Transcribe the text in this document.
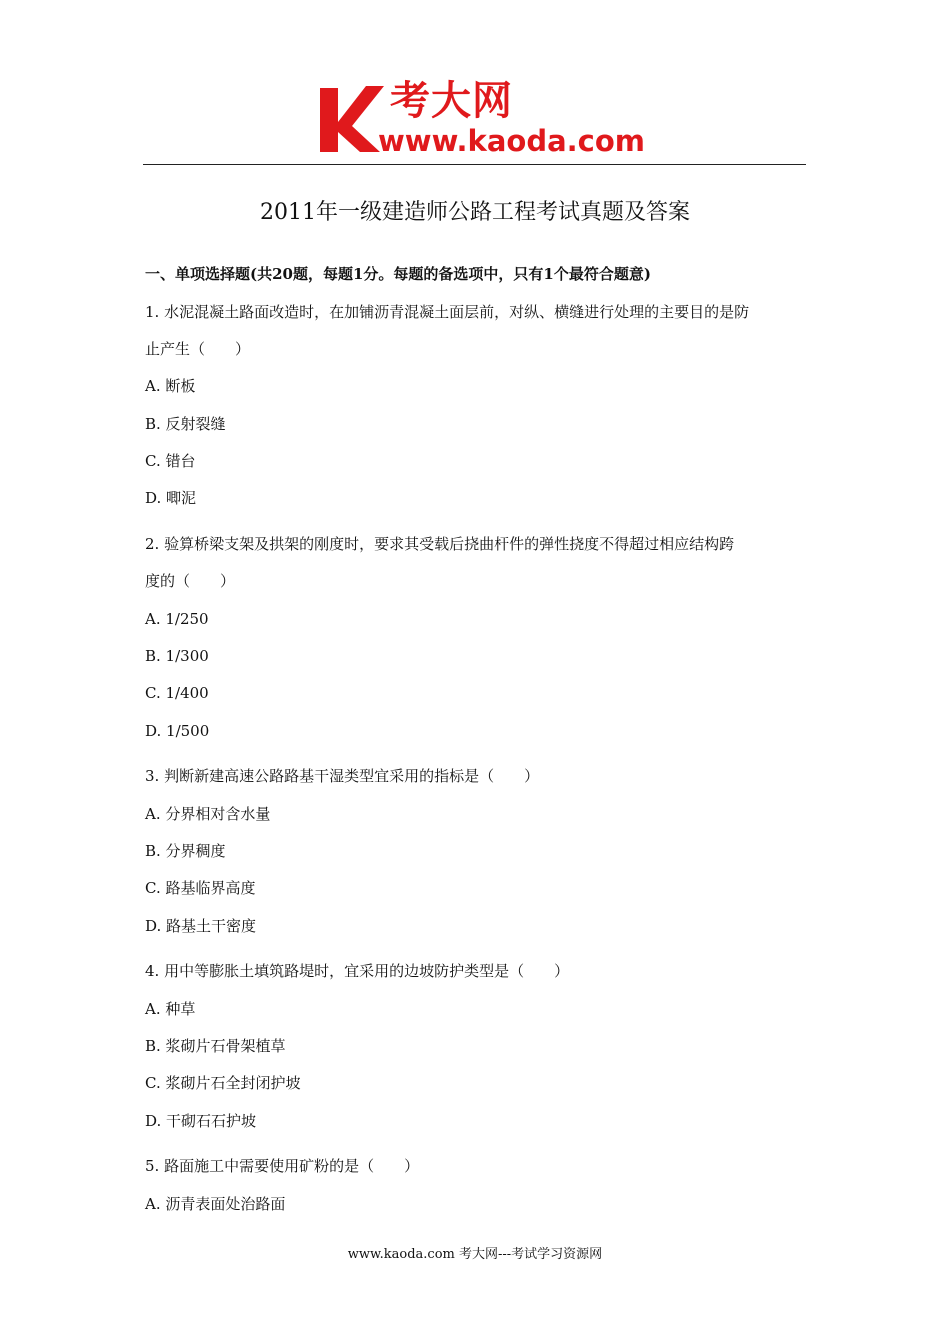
考大网
www.kaoda.com
2011年一级建造师公路工程考试真题及答案
一、单项选择题(共20题，每题1分。每题的备选项中，只有1个最符合题意)
1. 水泥混凝土路面改造时，在加铺沥青混凝土面层前，对纵、横缝进行处理的主要目的是防
止产生（　　）
A. 断板
B. 反射裂缝
C. 错台
D. 唧泥
2. 验算桥梁支架及拱架的刚度时，要求其受载后挠曲杆件的弹性挠度不得超过相应结构跨
度的（　　）
A. 1/250
B. 1/300
C. 1/400
D. 1/500
3. 判断新建高速公路路基干湿类型宜采用的指标是（　　）
A. 分界相对含水量
B. 分界稠度
C. 路基临界高度
D. 路基土干密度
4. 用中等膨胀土填筑路堤时，宜采用的边坡防护类型是（　　）
A. 种草
B. 浆砌片石骨架植草
C. 浆砌片石全封闭护坡
D. 干砌石石护坡
5. 路面施工中需要使用矿粉的是（　　）
A. 沥青表面处治路面
www.kaoda.com 考大网---考试学习资源网
